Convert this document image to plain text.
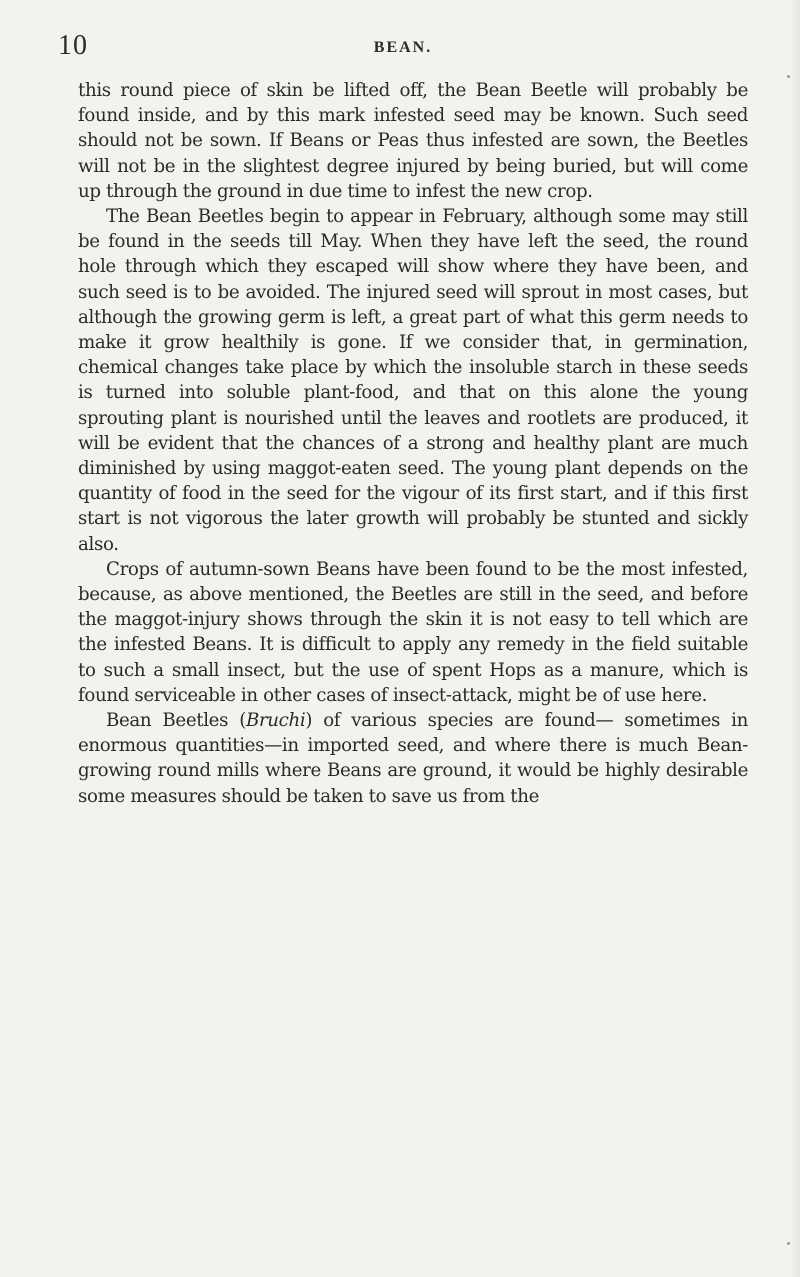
10	BEAN.

this round piece of skin be lifted off, the Bean Beetle will probably be found inside, and by this mark infested seed may be known. Such seed should not be sown. If Beans or Peas thus infested are sown, the Beetles will not be in the slightest degree injured by being buried, but will come up through the ground in due time to infest the new crop.

The Bean Beetles begin to appear in February, although some may still be found in the seeds till May. When they have left the seed, the round hole through which they escaped will show where they have been, and such seed is to be avoided. The injured seed will sprout in most cases, but although the growing germ is left, a great part of what this germ needs to make it grow healthily is gone. If we consider that, in germination, chemical changes take place by which the insoluble starch in these seeds is turned into soluble plant-food, and that on this alone the young sprouting plant is nourished until the leaves and rootlets are produced, it will be evident that the chances of a strong and healthy plant are much diminished by using maggot-eaten seed. The young plant depends on the quantity of food in the seed for the vigour of its first start, and if this first start is not vigorous the later growth will probably be stunted and sickly also.

Crops of autumn-sown Beans have been found to be the most infested, because, as above mentioned, the Beetles are still in the seed, and before the maggot-injury shows through the skin it is not easy to tell which are the infested Beans. It is difficult to apply any remedy in the field suitable to such a small insect, but the use of spent Hops as a manure, which is found serviceable in other cases of insect-attack, might be of use here.

Bean Beetles (Bruchi) of various species are found— sometimes in enormous quantities—in imported seed, and where there is much Bean-growing round mills where Beans are ground, it would be highly desirable some measures should be taken to save us from the
